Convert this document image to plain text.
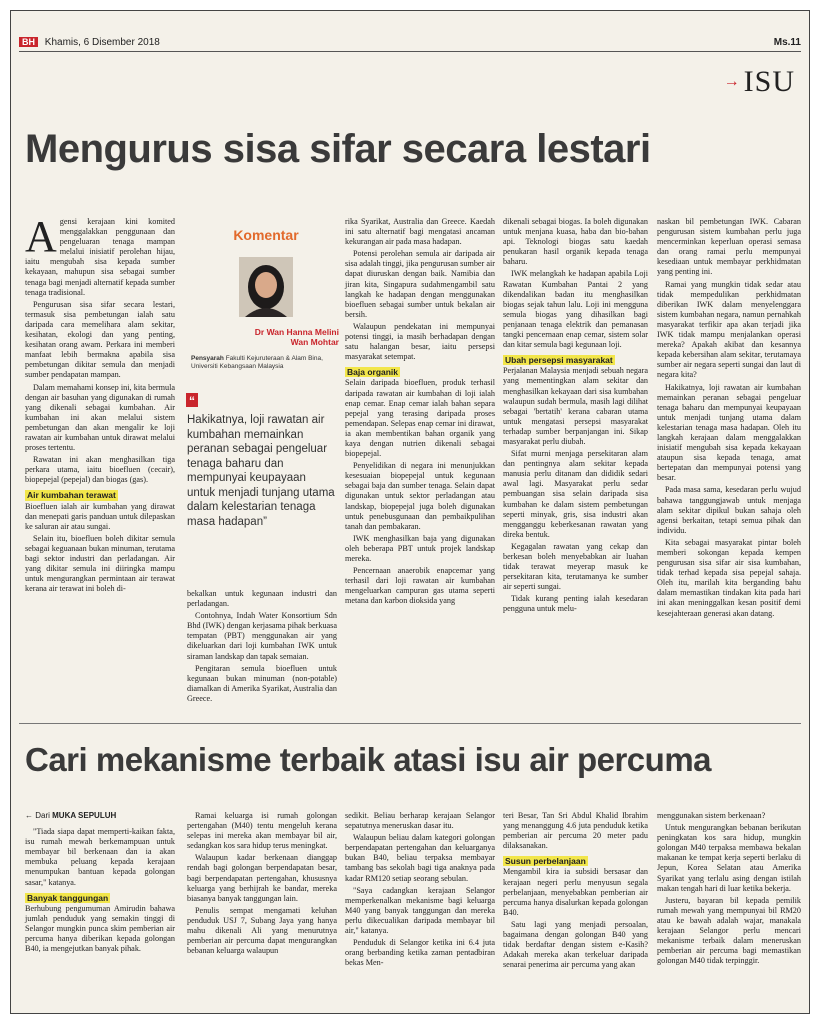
BH Khamis, 6 Disember 2018	Ms.11
→ ISU
Mengurus sisa sifar secara lestari

Agensi kerajaan kini komited menggalakkan penggunaan dan pengeluaran tenaga mampan melalui inisiatif perolehan hijau, iaitu mengubah sisa kepada sumber kekayaan, mahupun sisa sebagai sumber tenaga bagi menjadi alternatif kepada sumber tenaga tradisional.

Pengurusan sisa sifar secara lestari, termasuk sisa pembetungan ialah satu daripada cara memelihara alam sekitar, kesihatan, ekologi dan yang penting, kesihatan orang awam. Perkara ini memberi manfaat lebih bermakna apabila sisa pembetungan dikitar semula dan menjadi sumber pendapatan mampan.

Dalam memahami konsep ini, kita bermula dengan air basuhan yang digunakan di rumah yang dikenali sebagai kumbahan. Air kumbahan ini akan melalui sistem pembetungan dan akan mengalir ke loji rawatan air kumbahan untuk dirawat melalui proses tertentu.

Rawatan ini akan menghasilkan tiga perkara utama, iaitu bioefluen (cecair), biopepejal (pepejal) dan biogas (gas).

Air kumbahan terawat

Bioefluen ialah air kumbahan yang dirawat dan menepati garis panduan untuk dilepaskan ke saluran air atau sungai.

Selain itu, bioefluen boleh dikitar semula sebagai keguanaan bukan minuman, terutama bagi sektor industri dan perladangan. Air yang dikitar semula ini diiringka mampu untuk mengurangkan permintaan air terawat kerana air terawat ini boleh di-

Komentar
Dr Wan Hanna Melini
Wan Mohtar
Pensyarah Fakulti Kejuruteraan & Alam Bina, Universiti Kebangsaan Malaysia
“
Hakikatnya, loji rawatan air kumbahan memainkan peranan sebagai pengeluar tenaga baharu dan mempunyai keupayaan untuk menjadi tunjang utama dalam kelestarian tenaga masa hadapan”

bekalkan untuk kegunaan industri dan perladangan.

Contohnya, Indah Water Konsortium Sdn Bhd (IWK) dengan kerjasama pihak berkuasa tempatan (PBT) menggunakan air yang dikeluarkan dari loji kumbahan IWK untuk siraman landskap dan tapak semaian.

Pengitaran semula bioefluen untuk kegunaan bukan minuman (non-potable) diamalkan di Amerika Syarikat, Australia dan Greece.

rika Syarikat, Australia dan Greece. Kaedah ini satu alternatif bagi mengatasi ancaman kekurangan air pada masa hadapan.

Potensi perolehan semula air daripada air sisa adalah tinggi, jika pengurusan sumber air dapat diuruskan dengan baik. Namibia dan jiran kita, Singapura sudahmengambil satu langkah ke hadapan dengan menggunakan bioefluen sebagai sumber untuk bekalan air bersih.

Walaupun pendekatan ini mempunyai potensi tinggi, ia masih berhadapan dengan satu halangan besar, iaitu persepsi masyarakat setempat.

Baja organik

Selain daripada bioefluen, produk terhasil daripada rawatan air kumbahan di loji ialah enap cemar. Enap cemar ialah bahan separa pepejal yang terasing daripada proses pemendapan. Selepas enap cemar ini dirawat, ia akan membentikan bahan organik yang kaya dengan nutrien dikenali sebagai biopepejal.

Penyelidikan di negara ini menunjukkan kesesuaian biopepejal untuk kegunaan sebagai baja dan sumber tenaga. Selain dapat digunakan untuk sektor perladangan atau landskap, biopepejal juga boleh digunakan untuk penebusgunaan dan pembaikpulihan tanah dan pembakaran.

IWK menghasilkan baja yang digunakan oleh beberapa PBT untuk projek landskap mereka.

Pencernaan anaerobik enapcemar yang terhasil dari loji rawatan air kumbahan mengeluarkan campuran gas utama seperti metana dan karbon dioksida yang

dikenali sebagai biogas. Ia boleh digunakan untuk menjana kuasa, haba dan bio-bahan api. Teknologi biogas satu kaedah penukaran hasil organik kepada tenaga baharu.

IWK melangkah ke hadapan apabila Loji Rawatan Kumbahan Pantai 2 yang dikendalikan badan itu menghasilkan biogas sejak tahun lalu. Loji ini mengguna semula biogas yang dihasilkan bagi penjanaan tenaga elektrik dan pemanasan tangki pencernaan enap cemar, sistem solar dan kitar semula bagi kegunaan loji.

Ubah persepsi masyarakat

Perjalanan Malaysia menjadi sebuah negara yang mementingkan alam sekitar dan menghasilkan kekayaan dari sisa kumbahan walaupun sudah bermula, masih lagi dilihat sebagai 'bertatih' kerana cabaran utama untuk mengatasi persepsi masyarakat terhadap sumber berpanjangan ini. Sikap masyarakat perlu diubah.

Sifat murni menjaga persekitaran alam dan pentingnya alam sekitar kepada manusia perlu ditanam dan dididik sedari awal lagi. Masyarakat perlu sedar pembuangan sisa selain daripada sisa kumbahan ke dalam sistem pembetungan seperti minyak, gris, sisa industri akan mengganggu keberkesanan rawatan yang direka bentuk.

Kegagalan rawatan yang cekap dan berkesan boleh menyebabkan air luahan tidak terawat meyerap masuk ke persekitaran kita, terutamanya ke sumber air seperti sungai.

Tidak kurang penting ialah kesedaran pengguna untuk melu-

naskan bil pembetungan IWK. Cabaran pengurusan sistem kumbahan perlu juga mencerminkan keperluan operasi semasa dan orang ramai perlu mempunyai kesediaan untuk membayar perkhidmatan yang penting ini.

Ramai yang mungkin tidak sedar atau tidak mempedulikan perkhidmatan diberikan IWK dalam menyelenggara sistem kumbahan negara, namun pernahkah masyarakat terfikir apa akan terjadi jika IWK tidak mampu menjalankan operasi mereka? Apakah akibat dan kesannya kepada kebersihan alam sekitar, terutamaya sumber air negara seperti sungai dan laut di negara kita?

Hakikatnya, loji rawatan air kumbahan memainkan peranan sebagai pengeluar tenaga baharu dan mempunyai keupayaan untuk menjadi tunjang utama dalam kelestarian tenaga masa hadapan. Oleh itu langkah kerajaan dalam menggalakkan inisiatif mengubah sisa kepada kekayaan ataupun sisa kepada tenaga, amat bertepatan dan mempunyai potensi yang besar.

Pada masa sama, kesedaran perlu wujud bahawa tanggungjawab untuk menjaga alam sekitar dipikul bukan sahaja oleh agensi berkaitan, tetapi semua pihak dan individu.

Kita sebagai masyarakat pintar boleh memberi sokongan kepada kempen pengurusan sisa sifar air sisa kumbahan, tidak terhad kepada sisa pepejal sahaja. Oleh itu, marilah kita berganding bahu dalam memastikan tindakan kita pada hari ini akan meninggalkan kesan positif demi kesejahteraan generasi akan datang.

Cari mekanisme terbaik atasi isu air percuma
← Dari MUKA SEPULUH

"Tiada siapa dapat memperti-kaikan fakta, isu rumah mewah berkemampuan untuk membayar bil berkenaan dan ia akan membuka peluang kepada kerajaan menumpukan bantuan kepada golongan sasar," katanya.

Banyak tanggungan

Berhubung pengumuman Amirudin bahawa jumlah penduduk yang semakin tinggi di Selangor mungkin punca skim pemberian air percuma hanya diberikan kepada golongan B40, ia mengejutkan banyak pihak.

Ramai keluarga isi rumah golongan pertengahan (M40) tentu mengeluh kerana selepas ini mereka akan membayar bil air, sedangkan kos sara hidup terus meningkat.

Walaupun kadar berkenaan dianggap rendah bagi golongan berpendapatan besar, bagi berpendapatan pertengahan, khususnya keluarga yang berhijrah ke bandar, mereka biasanya banyak tanggungan lain.

Penulis sempat mengamati keluhan penduduk USJ 7, Subang Jaya yang hanya mahu dikenali Ali yang menurutnya pemberian air percuma dapat mengurangkan bebanan keluarga walaupun

sedikit. Beliau berharap kerajaan Selangor sepatutnya meneruskan dasar itu.

Walaupun beliau dalam kategori golongan berpendapatan pertengahan dan keluarganya bukan B40, beliau terpaksa membayar tambang bas sekolah bagi tiga anaknya pada kadar RM120 setiap seorang sebulan.

"Saya cadangkan kerajaan Selangor memperkenalkan mekanisme bagi keluarga M40 yang banyak tanggungan dan mereka perlu dikecualikan daripada membayar bil air," katanya.

Penduduk di Selangor ketika ini 6.4 juta orang berbanding ketika zaman pentadbiran bekas Men-

teri Besar, Tan Sri Abdul Khalid Ibrahim yang menanggung 4.6 juta penduduk ketika pemberian air percuma 20 meter padu dilaksanakan.

Susun perbelanjaan

Mengambil kira ia subsidi bersasar dan kerajaan negeri perlu menyusun segala perbelanjaan, menyebabkan pemberian air percuma hanya disalurkan kepada golongan B40.

Satu lagi yang menjadi persoalan, bagaimana dengan golongan B40 yang tidak berdaftar dengan sistem e-Kasih? Adakah mereka akan terkeluar daripada senarai penerima air percuma yang akan

menggunakan sistem berkenaan?

Untuk mengurangkan bebanan berikutan peningkatan kos sara hidup, mungkin golongan M40 terpaksa membawa bekalan makanan ke tempat kerja seperti berlaku di Jepun, Korea Selatan atau Amerika Syarikat yang terlalu asing dengan istilah makan tengah hari di luar ketika bekerja.

Justeru, bayaran bil kepada pemilik rumah mewah yang mempunyai bil RM20 atau ke bawah adalah wajar, manakala kerajaan Selangor perlu mencari mekanisme terbaik dalam meneruskan pemberian air percuma bagi memastikan golongan M40 tidak terpinggir.
